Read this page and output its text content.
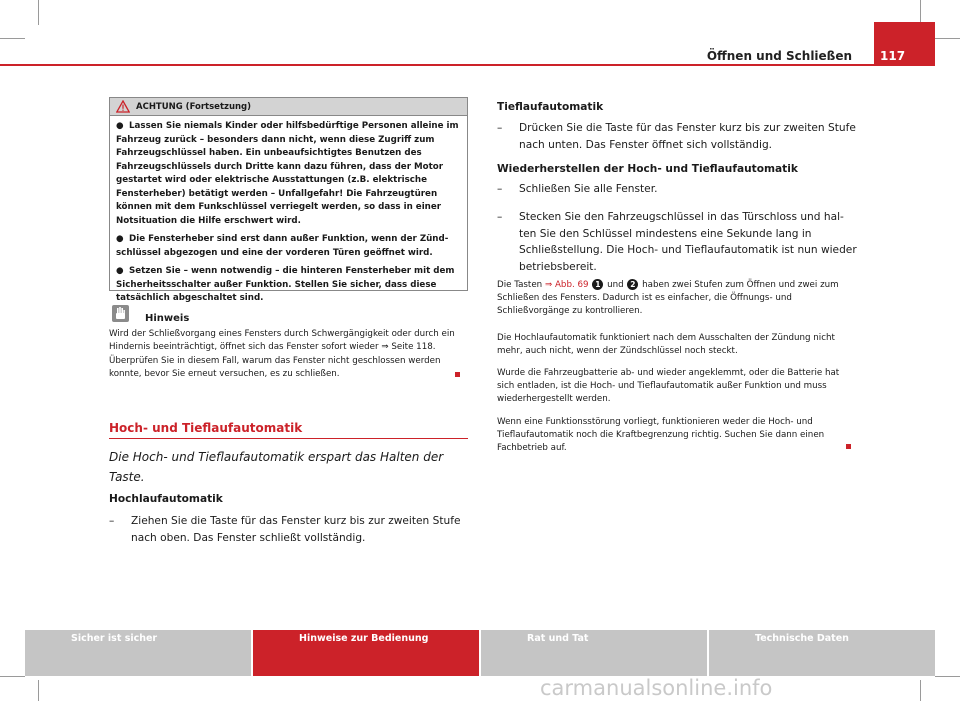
Öffnen und Schließen 117
ACHTUNG (Fortsetzung)

● Lassen Sie niemals Kinder oder hilfsbedürftige Personen alleine im Fahrzeug zurück – besonders dann nicht, wenn diese Zugriff zum Fahrzeugschlüssel haben. Ein unbeaufsichtigtes Benutzen des Fahrzeugschlüssels durch Dritte kann dazu führen, dass der Motor gestartet wird oder elektrische Ausstattungen (z.B. elektrische Fensterheber) betätigt werden – Unfallgefahr! Die Fahrzeugtüren können mit dem Funkschlüssel verriegelt werden, so dass in einer Notsituation die Hilfe erschwert wird.

● Die Fensterheber sind erst dann außer Funktion, wenn der Zündschlüssel abgezogen und eine der vorderen Türen geöffnet wird.

● Setzen Sie – wenn notwendig – die hinteren Fensterheber mit dem Sicherheitsschalter außer Funktion. Stellen Sie sicher, dass diese tatsächlich abgeschaltet sind.

Hinweis
Wird der Schließvorgang eines Fensters durch Schwergängigkeit oder durch ein Hindernis beeinträchtigt, öffnet sich das Fenster sofort wieder ⇒ Seite 118. Überprüfen Sie in diesem Fall, warum das Fenster nicht geschlossen werden konnte, bevor Sie erneut versuchen, es zu schließen.
Hoch- und Tieflaufautomatik
Die Hoch- und Tieflaufautomatik erspart das Halten der Taste.
Hochlaufautomatik
–	Ziehen Sie die Taste für das Fenster kurz bis zur zweiten Stufe nach oben. Das Fenster schließt vollständig.
Tieflaufautomatik
–	Drücken Sie die Taste für das Fenster kurz bis zur zweiten Stufe nach unten. Das Fenster öffnet sich vollständig.
Wiederherstellen der Hoch- und Tieflaufautomatik
–	Schließen Sie alle Fenster.
–	Stecken Sie den Fahrzeugschlüssel in das Türschloss und halten Sie den Schlüssel mindestens eine Sekunde lang in Schließstellung. Die Hoch- und Tieflaufautomatik ist nun wieder betriebsbereit.
Die Tasten ⇒ Abb. 69 1 und 2 haben zwei Stufen zum Öffnen und zwei zum Schließen des Fensters. Dadurch ist es einfacher, die Öffnungs- und Schließvorgänge zu kontrollieren.
Die Hochlaufautomatik funktioniert nach dem Ausschalten der Zündung nicht mehr, auch nicht, wenn der Zündschlüssel noch steckt.
Wurde die Fahrzeugbatterie ab- und wieder angeklemmt, oder die Batterie hat sich entladen, ist die Hoch- und Tieflaufautomatik außer Funktion und muss wiederhergestellt werden.
Wenn eine Funktionsstörung vorliegt, funktionieren weder die Hoch- und Tieflaufautomatik noch die Kraftbegrenzung richtig. Suchen Sie dann einen Fachbetrieb auf.
Sicher ist sicher	Hinweise zur Bedienung	Rat und Tat	Technische Daten
carmanualsonline.info
